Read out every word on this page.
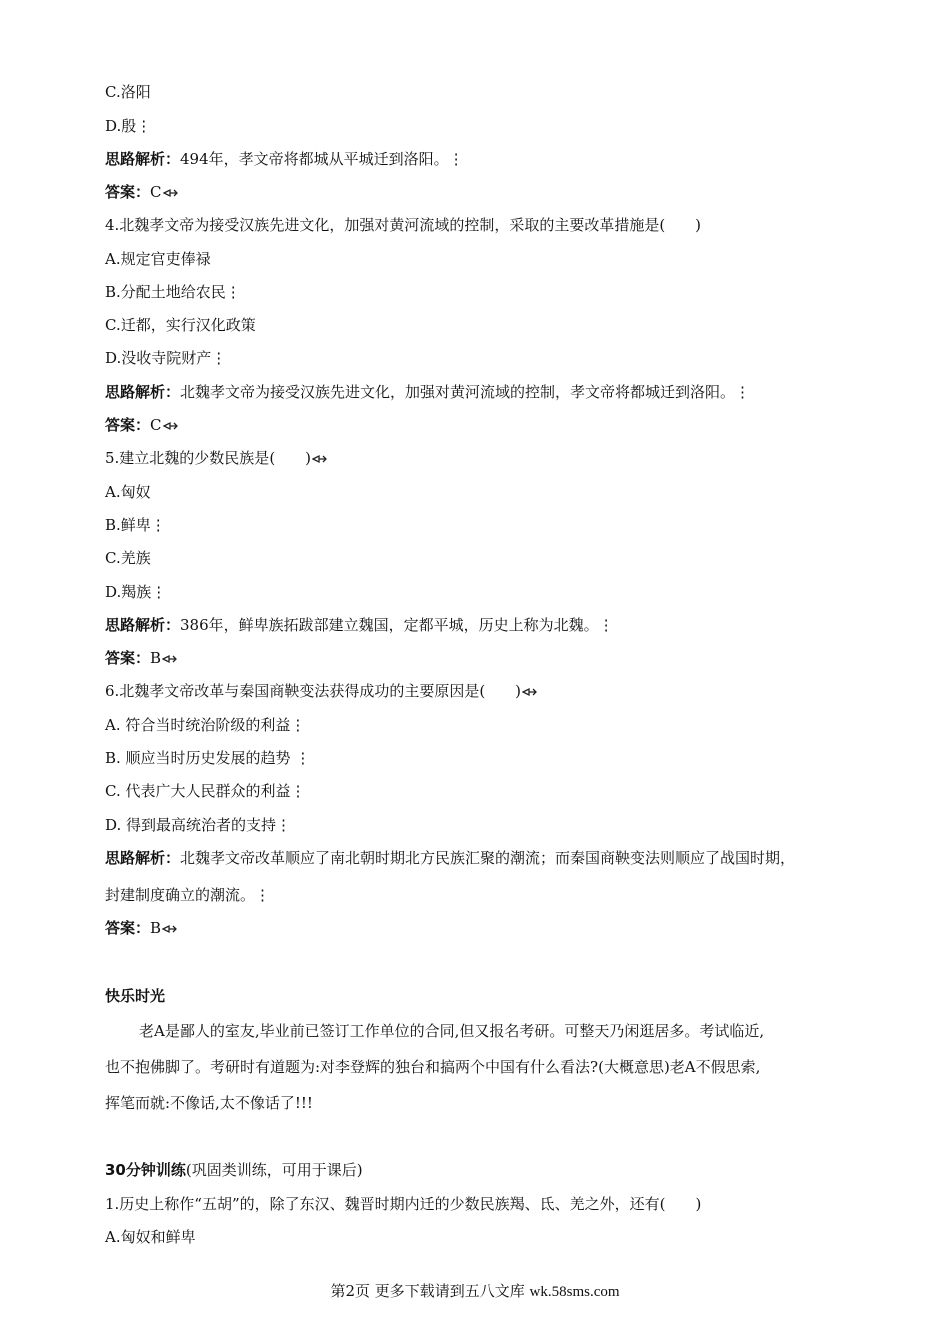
C.洛阳
D.殷⋮
思路解析：494年，孝文帝将都城从平城迁到洛阳。⋮
答案：C
4.北魏孝文帝为接受汉族先进文化，加强对黄河流域的控制，采取的主要改革措施是(　　)
A.规定官吏俸禄
B.分配土地给农民⋮
C.迁都，实行汉化政策
D.没收寺院财产⋮
思路解析：北魏孝文帝为接受汉族先进文化，加强对黄河流域的控制，孝文帝将都城迁到洛阳。⋮
答案：C
5.建立北魏的少数民族是(　　)
A.匈奴
B.鲜卑⋮
C.羌族
D.羯族⋮
思路解析：386年，鲜卑族拓跋部建立魏国，定都平城，历史上称为北魏。⋮
答案：B
6.北魏孝文帝改革与秦国商鞅变法获得成功的主要原因是(　　)
A. 符合当时统治阶级的利益⋮
B. 顺应当时历史发展的趋势 ⋮
C. 代表广大人民群众的利益⋮
D. 得到最高统治者的支持⋮
思路解析：北魏孝文帝改革顺应了南北朝时期北方民族汇聚的潮流；而秦国商鞅变法则顺应了战国时期，
封建制度确立的潮流。⋮
答案：B
快乐时光
老A是鄙人的室友,毕业前已签订工作单位的合同,但又报名考研。可整天乃闲逛居多。考试临近,
也不抱佛脚了。考研时有道题为:对李登辉的独台和搞两个中国有什么看法?(大概意思)老A不假思索,
挥笔而就:不像话,太不像话了!!!
30分钟训练(巩固类训练，可用于课后)
1.历史上称作“五胡”的，除了东汉、魏晋时期内迁的少数民族羯、氐、羌之外，还有(　　)
A.匈奴和鲜卑
第2页 更多下载请到五八文库 wk.58sms.com
